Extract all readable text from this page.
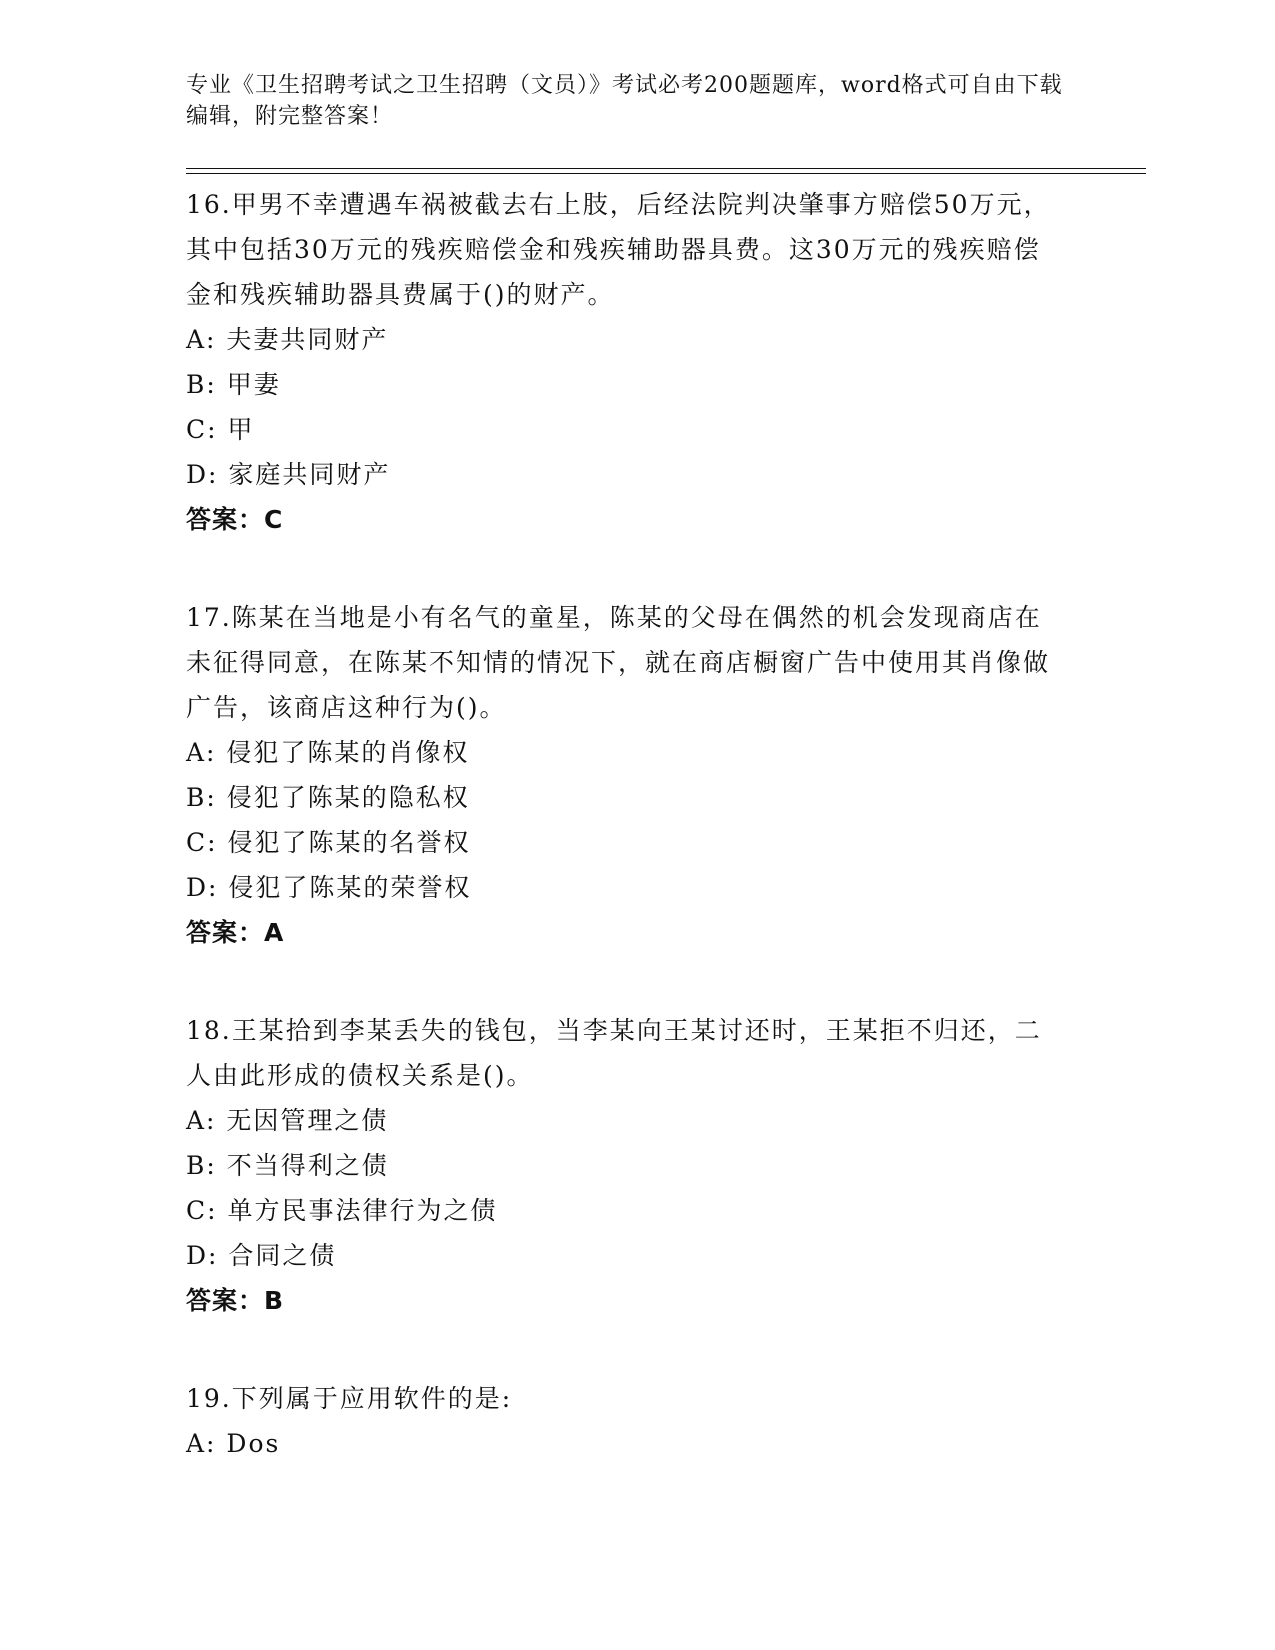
专业《卫生招聘考试之卫生招聘（文员）》考试必考200题题库，word格式可自由下载编辑，附完整答案！
16.甲男不幸遭遇车祸被截去右上肢，后经法院判决肇事方赔偿50万元，其中包括30万元的残疾赔偿金和残疾辅助器具费。这30万元的残疾赔偿金和残疾辅助器具费属于()的财产。
A: 夫妻共同财产
B: 甲妻
C: 甲
D: 家庭共同财产
答案：C
17.陈某在当地是小有名气的童星，陈某的父母在偶然的机会发现商店在未征得同意，在陈某不知情的情况下，就在商店橱窗广告中使用其肖像做广告，该商店这种行为()。
A: 侵犯了陈某的肖像权
B: 侵犯了陈某的隐私权
C: 侵犯了陈某的名誉权
D: 侵犯了陈某的荣誉权
答案：A
18.王某拾到李某丢失的钱包，当李某向王某讨还时，王某拒不归还，二人由此形成的债权关系是()。
A: 无因管理之债
B: 不当得利之债
C: 单方民事法律行为之债
D: 合同之债
答案：B
19.下列属于应用软件的是:
A: Dos
